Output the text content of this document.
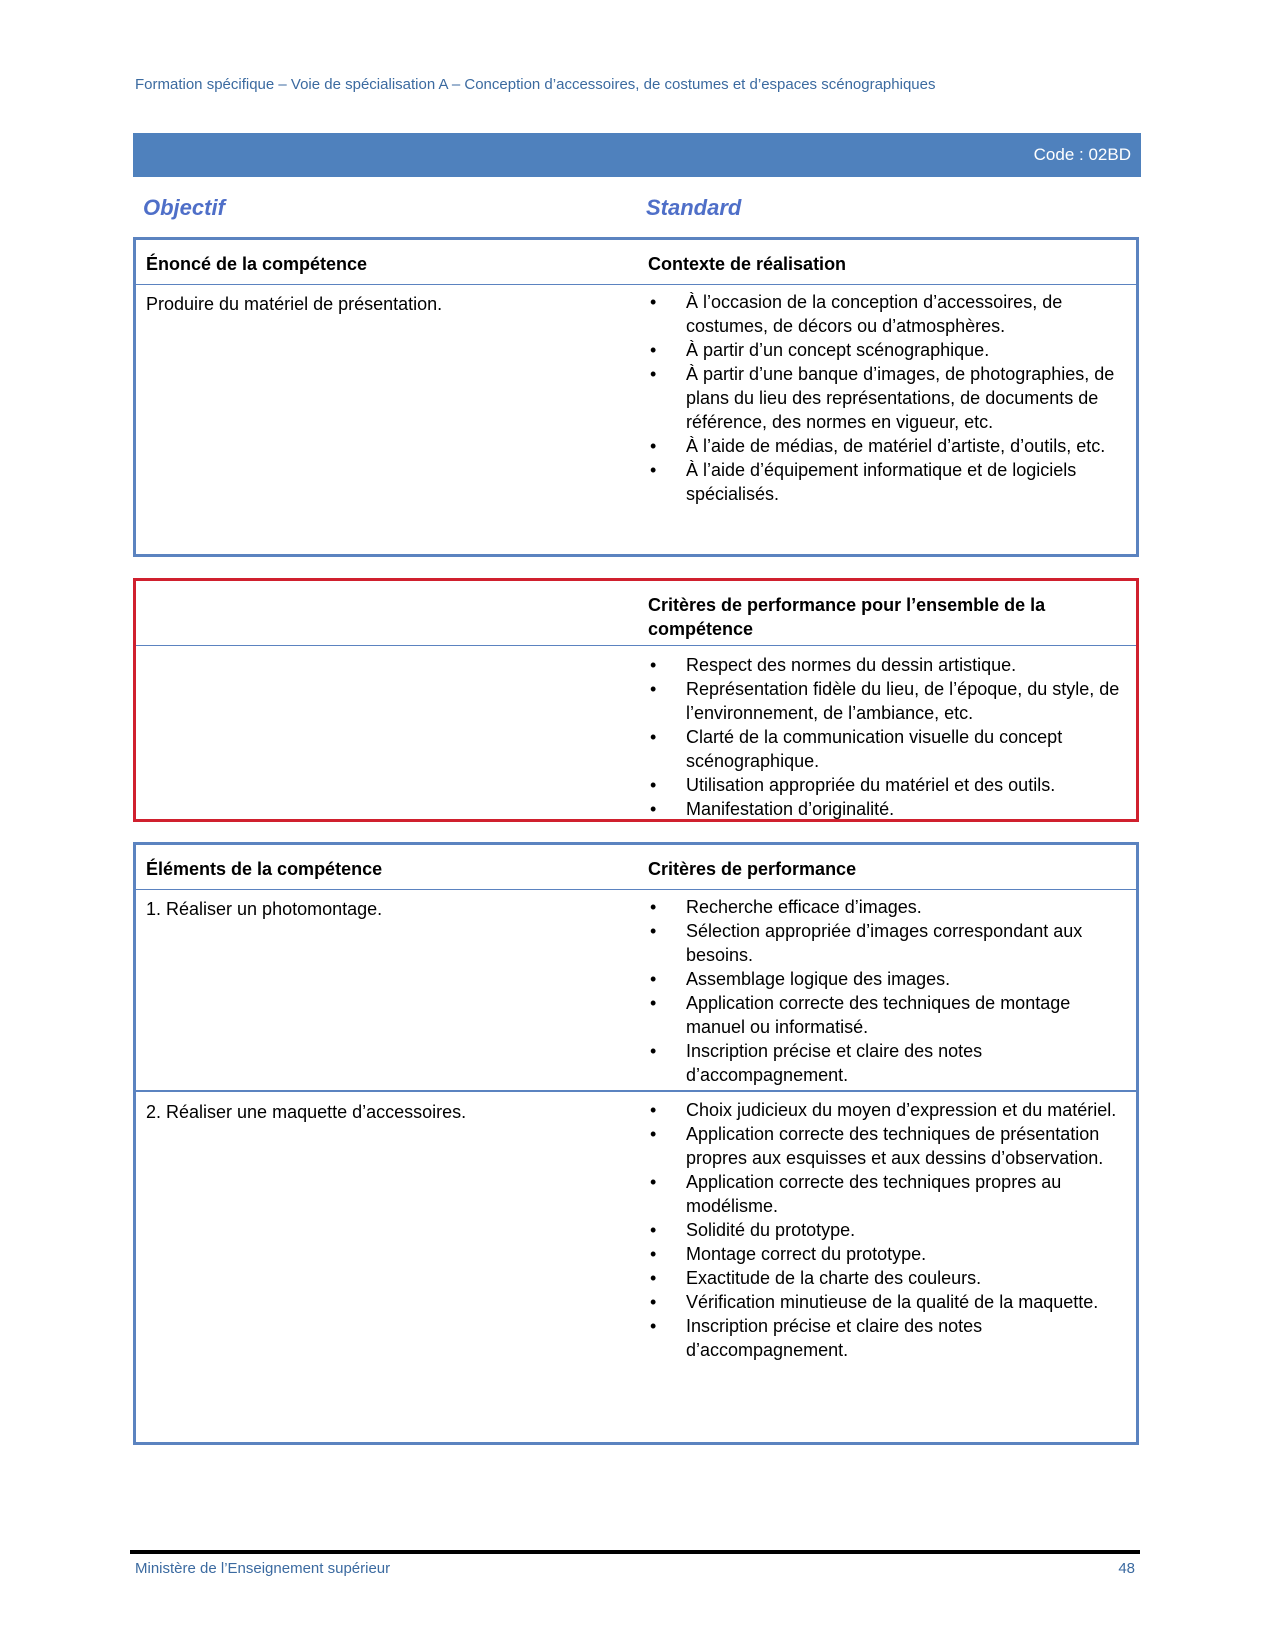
Formation spécifique – Voie de spécialisation A – Conception d’accessoires, de costumes et d’espaces scénographiques
Code : 02BD
Objectif	Standard
Énoncé de la compétence	Contexte de réalisation
Produire du matériel de présentation.	• À l’occasion de la conception d’accessoires, de costumes, de décors ou d’atmosphères.
• À partir d’un concept scénographique.
• À partir d’une banque d’images, de photographies, de plans du lieu des représentations, de documents de référence, des normes en vigueur, etc.
• À l’aide de médias, de matériel d’artiste, d’outils, etc.
• À l’aide d’équipement informatique et de logiciels spécialisés.
Critères de performance pour l’ensemble de la compétence
• Respect des normes du dessin artistique.
• Représentation fidèle du lieu, de l’époque, du style, de l’environnement, de l’ambiance, etc.
• Clarté de la communication visuelle du concept scénographique.
• Utilisation appropriée du matériel et des outils.
• Manifestation d’originalité.
Éléments de la compétence	Critères de performance
1. Réaliser un photomontage.	• Recherche efficace d’images.
• Sélection appropriée d’images correspondant aux besoins.
• Assemblage logique des images.
• Application correcte des techniques de montage manuel ou informatisé.
• Inscription précise et claire des notes d’accompagnement.
2. Réaliser une maquette d’accessoires.	• Choix judicieux du moyen d’expression et du matériel.
• Application correcte des techniques de présentation propres aux esquisses et aux dessins d’observation.
• Application correcte des techniques propres au modélisme.
• Solidité du prototype.
• Montage correct du prototype.
• Exactitude de la charte des couleurs.
• Vérification minutieuse de la qualité de la maquette.
• Inscription précise et claire des notes d’accompagnement.
Ministère de l’Enseignement supérieur	48
